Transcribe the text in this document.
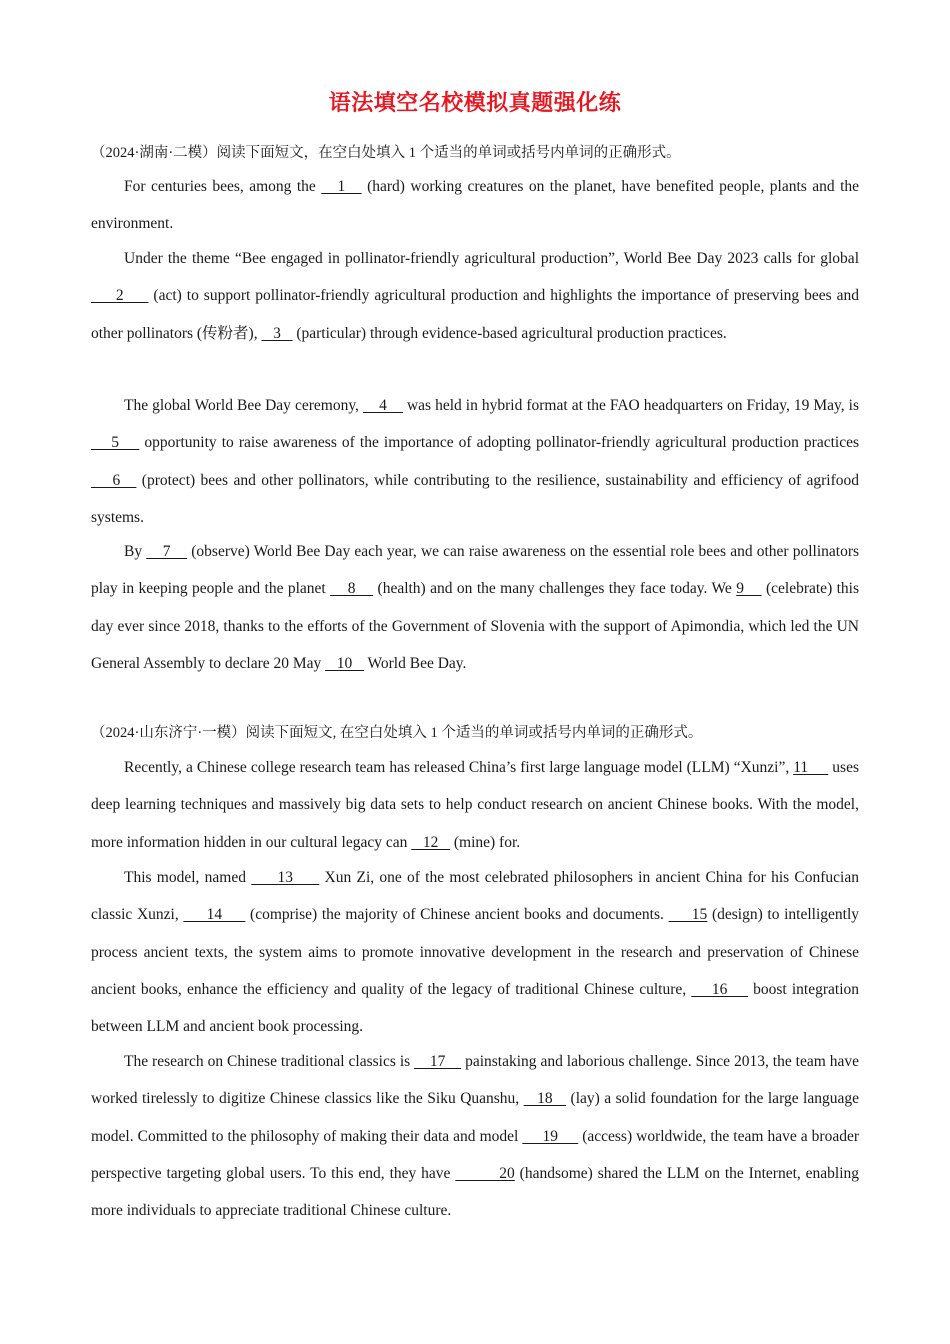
语法填空名校模拟真题强化练
（2024·湖南·二模）阅读下面短文，在空白处填入 1 个适当的单词或括号内单词的正确形式。
For centuries bees, among the    1    (hard) working creatures on the planet, have benefited people, plants and the environment.
Under the theme “Bee engaged in pollinator-friendly agricultural production”, World Bee Day 2023 calls for global      2      (act) to support pollinator-friendly agricultural production and highlights the importance of preserving bees and other pollinators (传粉者),    3    (particular) through evidence-based agricultural production practices.
The global World Bee Day ceremony,     4     was held in hybrid format at the FAO headquarters on Friday, 19 May, is     5     opportunity to raise awareness of the importance of adopting pollinator-friendly agricultural production practices     6    (protect) bees and other pollinators, while contributing to the resilience, sustainability and efficiency of agrifood systems.
By     7     (observe) World Bee Day each year, we can raise awareness on the essential role bees and other pollinators play in keeping people and the planet     8     (health) and on the many challenges they face today. We 9     (celebrate) this day ever since 2018, thanks to the efforts of the Government of Slovenia with the support of Apimondia, which led the UN General Assembly to declare 20 May    10    World Bee Day.
（2024·山东济宁·一模）阅读下面短文, 在空白处填入 1 个适当的单词或括号内单词的正确形式。
Recently, a Chinese college research team has released China’s first large language model (LLM) “Xunzi”, 11      uses deep learning techniques and massively big data sets to help conduct research on ancient Chinese books. With the model, more information hidden in our cultural legacy can    12    (mine) for.
This model, named      13      Xun Zi, one of the most celebrated philosophers in ancient China for his Confucian classic Xunzi,      14      (comprise) the majority of Chinese ancient books and documents.      15 (design) to intelligently process ancient texts, the system aims to promote innovative development in the research and preservation of Chinese ancient books, enhance the efficiency and quality of the legacy of traditional Chinese culture,     16     boost integration between LLM and ancient book processing.
The research on Chinese traditional classics is     17     painstaking and laborious challenge. Since 2013, the team have worked tirelessly to digitize Chinese classics like the Siku Quanshu,    18    (lay) a solid foundation for the large language model. Committed to the philosophy of making their data and model      19      (access) worldwide, the team have a broader perspective targeting global users. To this end, they have          20 (handsome) shared the LLM on the Internet, enabling more individuals to appreciate traditional Chinese culture.
